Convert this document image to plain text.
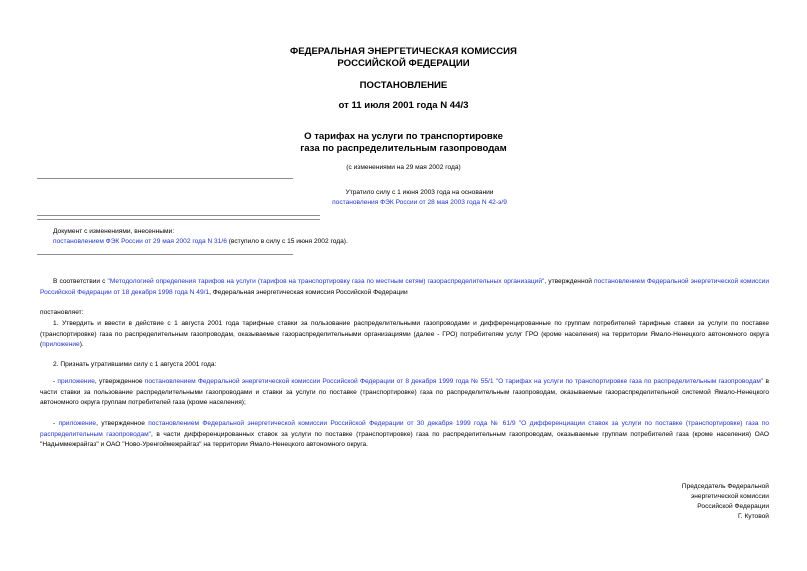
ФЕДЕРАЛЬНАЯ ЭНЕРГЕТИЧЕСКАЯ КОМИССИЯ
РОССИЙСКОЙ ФЕДЕРАЦИИ
ПОСТАНОВЛЕНИЕ
от 11 июля 2001 года N 44/3
О тарифах на услуги по транспортировке
газа по распределительным газопроводам
(с изменениями на 29 мая 2002 года)
Утратило силу с 1 июня 2003 года на основании
постановления ФЭК России от 28 мая 2003 года N 42-э/9
Документ с изменениями, внесенными:
постановлением ФЭК России от 29 мая 2002 года N 31/6 (вступило в силу с 15 июня 2002 года).
В соответствии с "Методологией определения тарифов на услуги (тарифов на транспортировку газа по местным сетям) газораспределительных организаций", утвержденной постановлением Федеральной энергетической комиссии Российской Федерации от 18 декабря 1998 года N 49/1, Федеральная энергетическая комиссия Российской Федерации
постановляет:
1. Утвердить и ввести в действие с 1 августа 2001 года тарифные ставки за пользование распределительными газопроводами и дифференцированные по группам потребителей тарифные ставки за услуги по поставке (транспортировке) газа по распределительным газопроводам, оказываемые газораспределительными организациями (далее - ГРО) потребителям услуг ГРО (кроме населения) на территории Ямало-Ненецкого автономного округа (приложение).
2. Признать утратившими силу с 1 августа 2001 года:
- приложение, утвержденное постановлением Федеральной энергетической комиссии Российской Федерации от 8 декабря 1999 года № 55/1 "О тарифах на услуги по транспортировке газа по распределительным газопроводам" в части ставки за пользование распределительными газопроводами и ставки за услуги по поставке (транспортировке) газа по распределительным газопроводам, оказываемые газораспределительной системой Ямало-Ненецкого автономного округа группам потребителей газа (кроме населения);
- приложение, утвержденное постановлением Федеральной энергетической комиссии Российской Федерации от 30 декабря 1999 года № 61/9 "О дифференциации ставок за услуги по поставке (транспортировке) газа по распределительным газопроводам", в части дифференцированных ставок за услуги по поставке (транспортировке) газа по распределительным газопроводам, оказываемые группам потребителей газа (кроме населения) ОАО "Надыммежрайгаз" и ОАО "Ново-Уренгоймежрайгаз" на территории Ямало-Ненецкого автономного округа.
Председатель Федеральной
энергетической комиссии
Российской Федерации
Г. Кутовой
